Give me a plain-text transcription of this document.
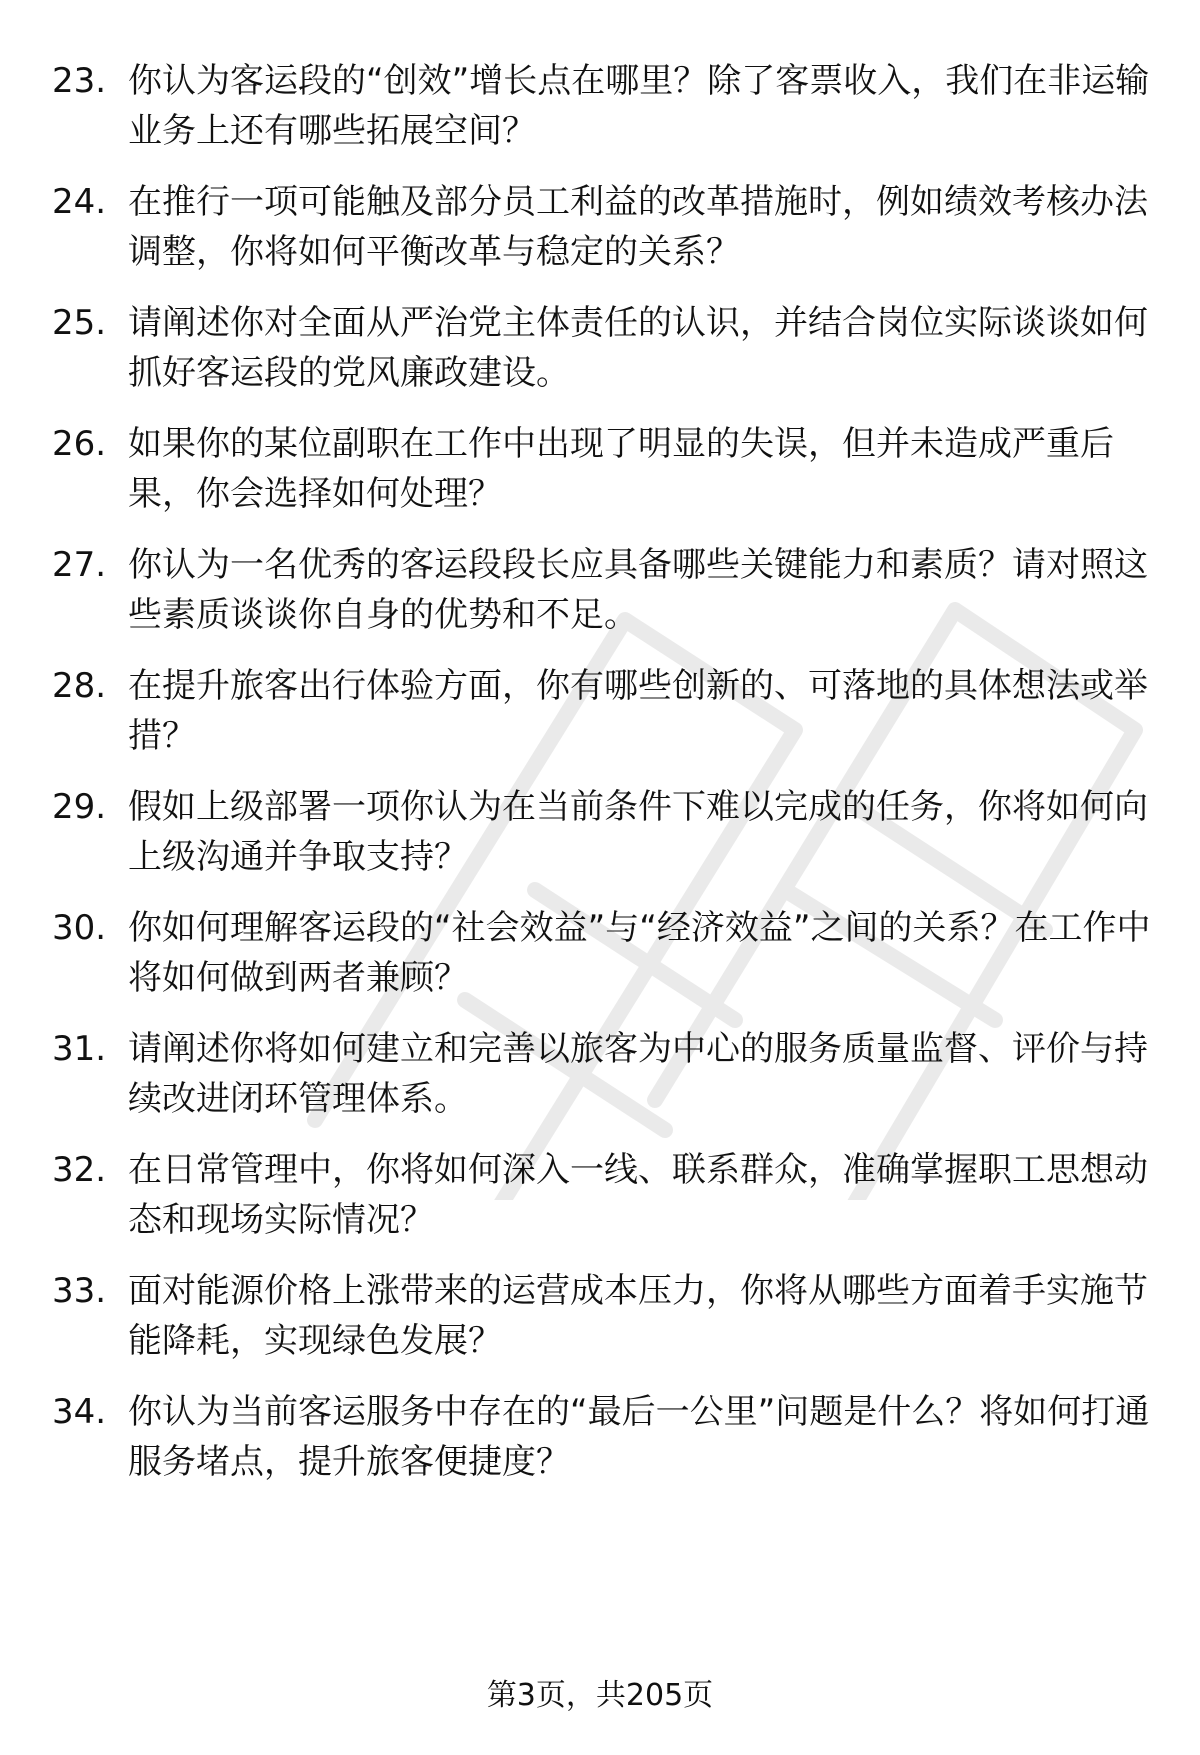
23. 你认为客运段的“创效”增长点在哪里？除了客票收入，我们在非运输业务上还有哪些拓展空间？
24. 在推行一项可能触及部分员工利益的改革措施时，例如绩效考核办法调整，你将如何平衡改革与稳定的关系？
25. 请阐述你对全面从严治党主体责任的认识，并结合岗位实际谈谈如何抓好客运段的党风廉政建设。
26. 如果你的某位副职在工作中出现了明显的失误，但并未造成严重后果，你会选择如何处理？
27. 你认为一名优秀的客运段段长应具备哪些关键能力和素质？请对照这些素质谈谈你自身的优势和不足。
28. 在提升旅客出行体验方面，你有哪些创新的、可落地的具体想法或举措？
29. 假如上级部署一项你认为在当前条件下难以完成的任务，你将如何向上级沟通并争取支持？
30. 你如何理解客运段的“社会效益”与“经济效益”之间的关系？在工作中将如何做到两者兼顾？
31. 请阐述你将如何建立和完善以旅客为中心的服务质量监督、评价与持续改进闭环管理体系。
32. 在日常管理中，你将如何深入一线、联系群众，准确掌握职工思想动态和现场实际情况？
33. 面对能源价格上涨带来的运营成本压力，你将从哪些方面着手实施节能降耗，实现绿色发展？
34. 你认为当前客运服务中存在的“最后一公里”问题是什么？将如何打通服务堵点，提升旅客便捷度？
第3页，共205页
